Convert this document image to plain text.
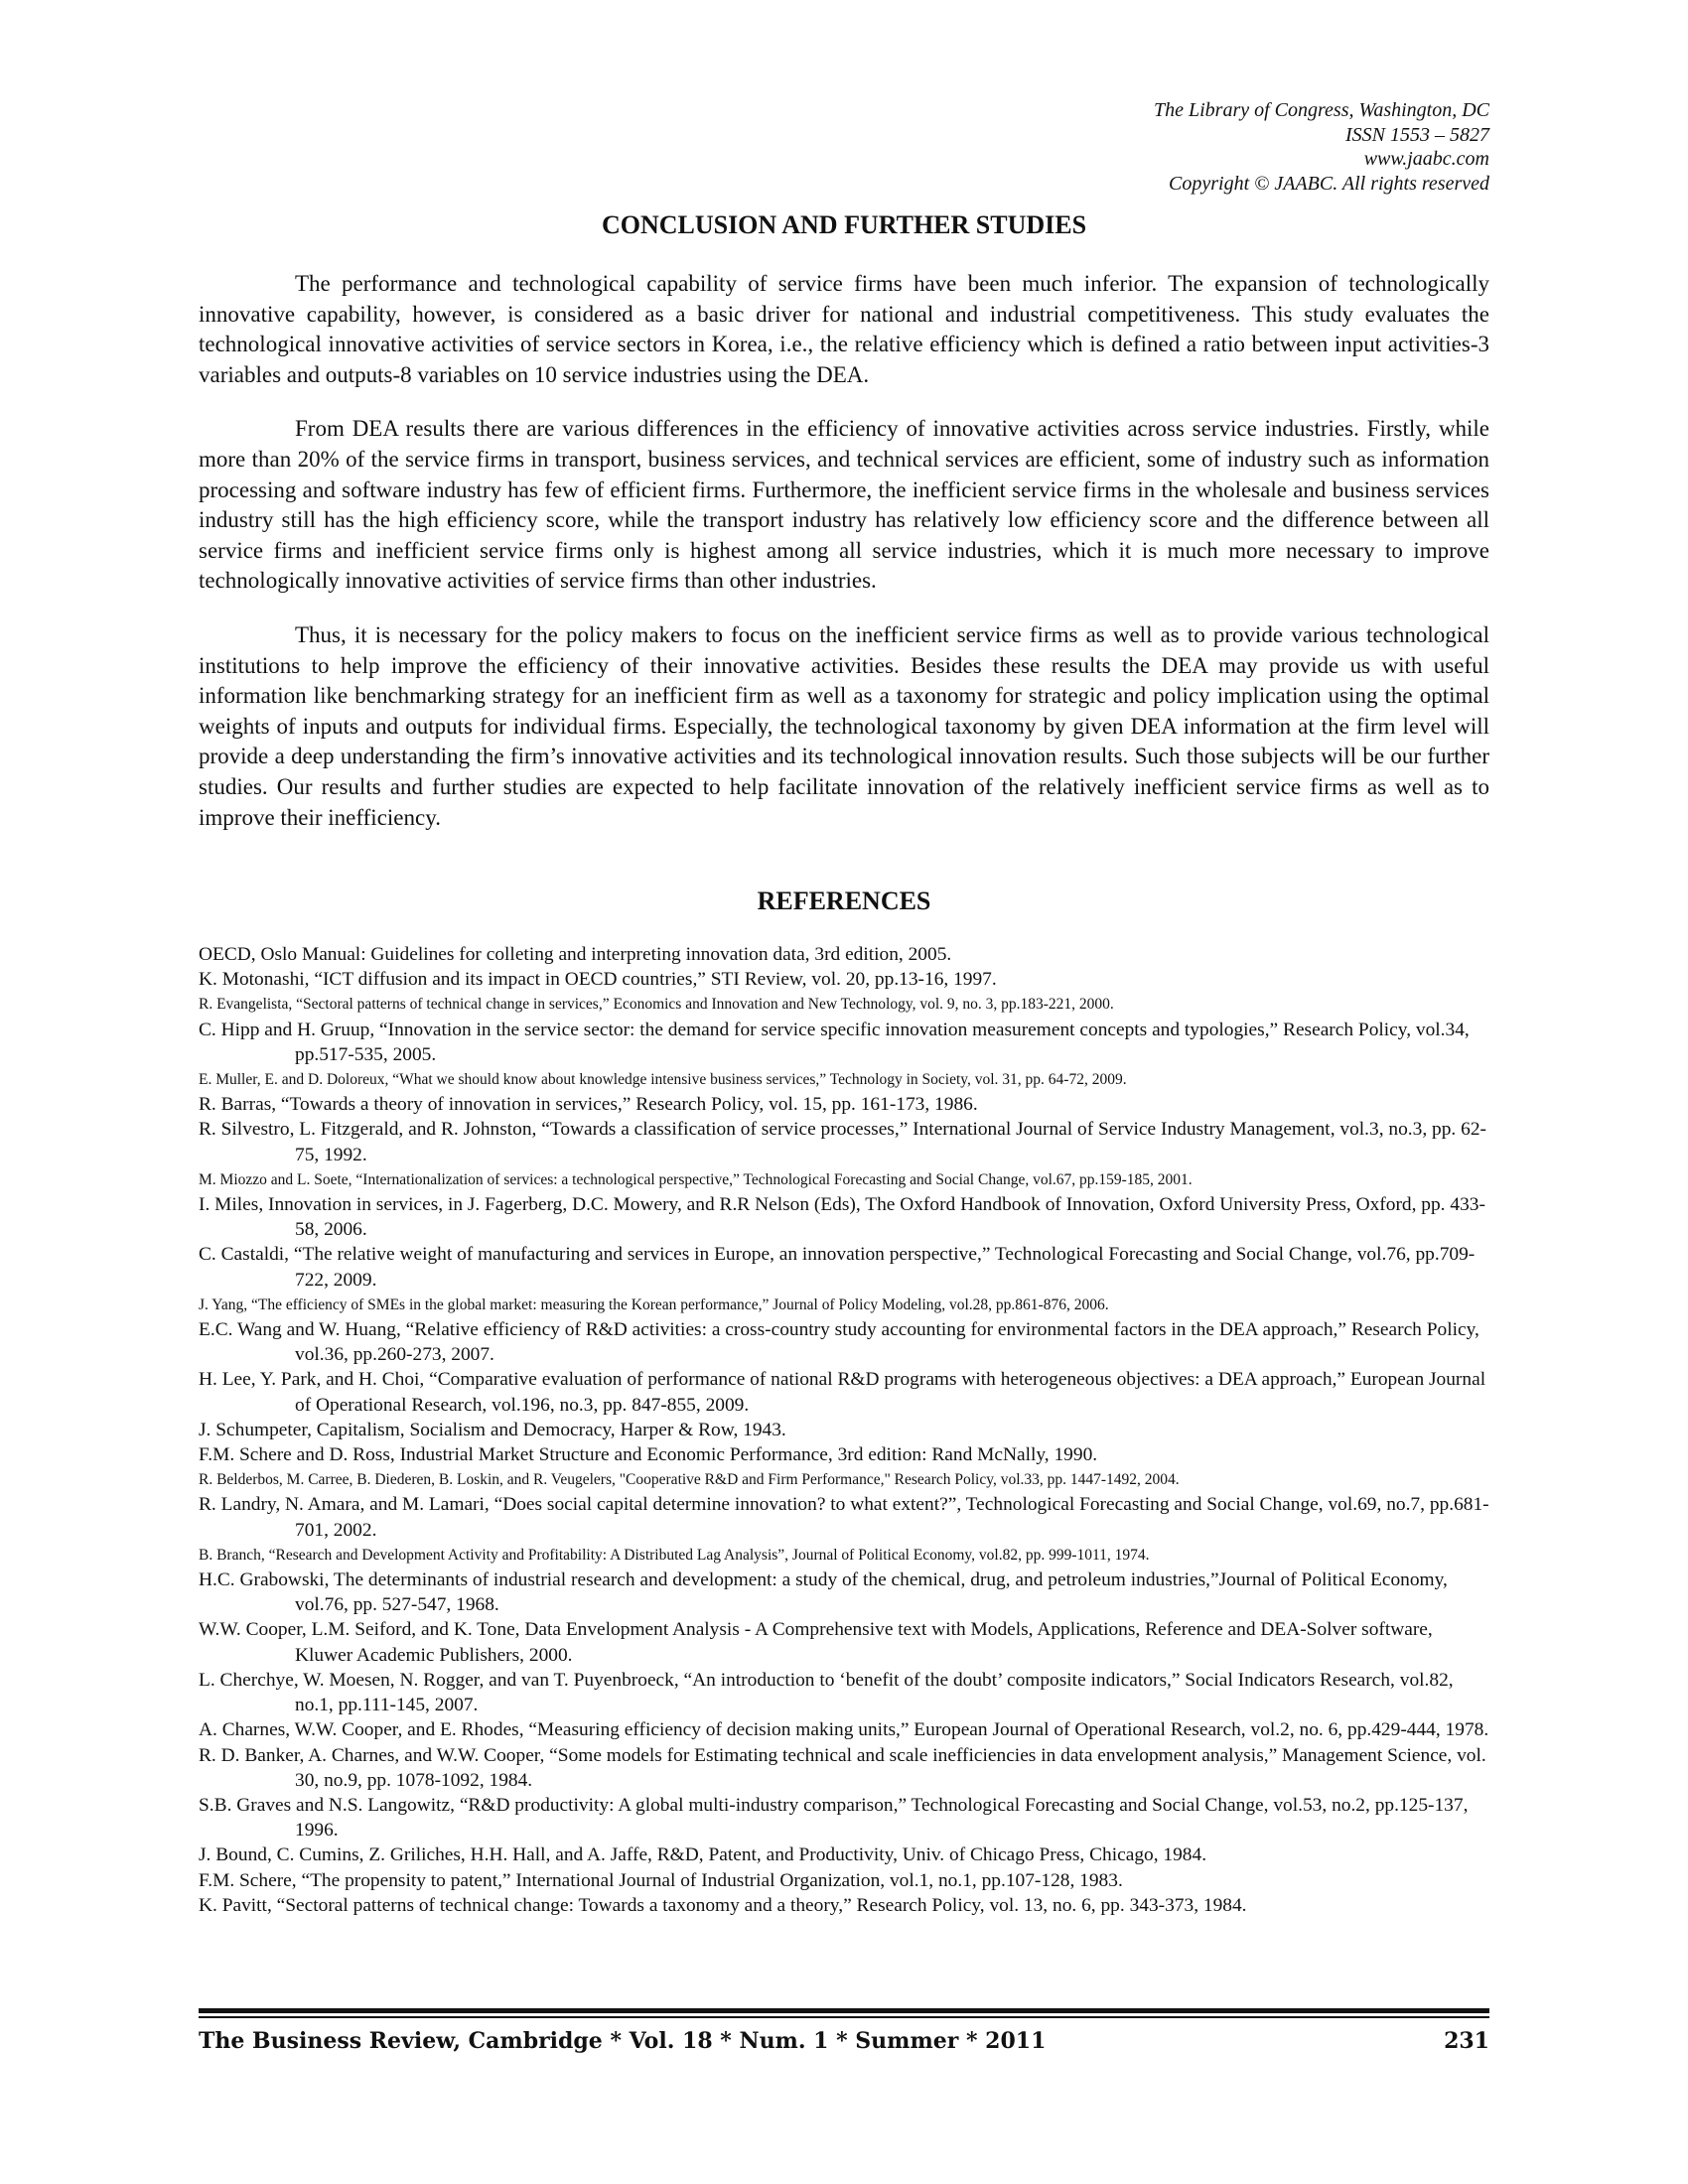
The Library of Congress, Washington, DC
ISSN 1553 – 5827
www.jaabc.com
Copyright © JAABC. All rights reserved
CONCLUSION AND FURTHER STUDIES

The performance and technological capability of service firms have been much inferior. The expansion of technologically innovative capability, however, is considered as a basic driver for national and industrial competitiveness. This study evaluates the technological innovative activities of service sectors in Korea, i.e., the relative efficiency which is defined a ratio between input activities-3 variables and outputs-8 variables on 10 service industries using the DEA.

From DEA results there are various differences in the efficiency of innovative activities across service industries. Firstly, while more than 20% of the service firms in transport, business services, and technical services are efficient, some of industry such as information processing and software industry has few of efficient firms. Furthermore, the inefficient service firms in the wholesale and business services industry still has the high efficiency score, while the transport industry has relatively low efficiency score and the difference between all service firms and inefficient service firms only is highest among all service industries, which it is much more necessary to improve technologically innovative activities of service firms than other industries.

Thus, it is necessary for the policy makers to focus on the inefficient service firms as well as to provide various technological institutions to help improve the efficiency of their innovative activities. Besides these results the DEA may provide us with useful information like benchmarking strategy for an inefficient firm as well as a taxonomy for strategic and policy implication using the optimal weights of inputs and outputs for individual firms. Especially, the technological taxonomy by given DEA information at the firm level will provide a deep understanding the firm’s innovative activities and its technological innovation results. Such those subjects will be our further studies. Our results and further studies are expected to help facilitate innovation of the relatively inefficient service firms as well as to improve their inefficiency.

REFERENCES
OECD, Oslo Manual: Guidelines for colleting and interpreting innovation data, 3rd edition, 2005.
K. Motonashi, “ICT diffusion and its impact in OECD countries,” STI Review, vol. 20, pp.13-16, 1997.
R. Evangelista, “Sectoral patterns of technical change in services,” Economics and Innovation and New Technology, vol. 9, no. 3, pp.183-221, 2000.
C. Hipp and H. Gruup, “Innovation in the service sector: the demand for service specific innovation measurement concepts and typologies,” Research Policy, vol.34, pp.517-535, 2005.
E. Muller, E. and D. Doloreux, “What we should know about knowledge intensive business services,” Technology in Society, vol. 31, pp. 64-72, 2009.
R. Barras, “Towards a theory of innovation in services,” Research Policy, vol. 15, pp. 161-173, 1986.
R. Silvestro, L. Fitzgerald, and R. Johnston, “Towards a classification of service processes,” International Journal of Service Industry Management, vol.3, no.3, pp. 62-75, 1992.
M. Miozzo and L. Soete, “Internationalization of services: a technological perspective,” Technological Forecasting and Social Change, vol.67, pp.159-185, 2001.
I. Miles, Innovation in services, in J. Fagerberg, D.C. Mowery, and R.R Nelson (Eds), The Oxford Handbook of Innovation, Oxford University Press, Oxford, pp. 433-58, 2006.
C. Castaldi, “The relative weight of manufacturing and services in Europe, an innovation perspective,” Technological Forecasting and Social Change, vol.76, pp.709-722, 2009.
J. Yang, “The efficiency of SMEs in the global market: measuring the Korean performance,” Journal of Policy Modeling, vol.28, pp.861-876, 2006.
E.C. Wang and W. Huang, “Relative efficiency of R&D activities: a cross-country study accounting for environmental factors in the DEA approach,” Research Policy, vol.36, pp.260-273, 2007.
H. Lee, Y. Park, and H. Choi, “Comparative evaluation of performance of national R&D programs with heterogeneous objectives: a DEA approach,” European Journal of Operational Research, vol.196, no.3, pp. 847-855, 2009.
J. Schumpeter, Capitalism, Socialism and Democracy, Harper & Row, 1943.
F.M. Schere and D. Ross, Industrial Market Structure and Economic Performance, 3rd edition: Rand McNally, 1990.
R. Belderbos, M. Carree, B. Diederen, B. Loskin, and R. Veugelers, "Cooperative R&D and Firm Performance," Research Policy, vol.33, pp. 1447-1492, 2004.
R. Landry, N. Amara, and M. Lamari, “Does social capital determine innovation? to what extent?”, Technological Forecasting and Social Change, vol.69, no.7, pp.681-701, 2002.
B. Branch, “Research and Development Activity and Profitability: A Distributed Lag Analysis”, Journal of Political Economy, vol.82, pp. 999-1011, 1974.
H.C. Grabowski, The determinants of industrial research and development: a study of the chemical, drug, and petroleum industries,”Journal of Political Economy, vol.76, pp. 527-547, 1968.
W.W. Cooper, L.M. Seiford, and K. Tone, Data Envelopment Analysis - A Comprehensive text with Models, Applications, Reference and DEA-Solver software, Kluwer Academic Publishers, 2000.
L. Cherchye, W. Moesen, N. Rogger, and van T. Puyenbroeck, “An introduction to ‘benefit of the doubt’ composite indicators,” Social Indicators Research, vol.82, no.1, pp.111-145, 2007.
A. Charnes, W.W. Cooper, and E. Rhodes, “Measuring efficiency of decision making units,” European Journal of Operational Research, vol.2, no. 6, pp.429-444, 1978.
R. D. Banker, A. Charnes, and W.W. Cooper, “Some models for Estimating technical and scale inefficiencies in data envelopment analysis,” Management Science, vol. 30, no.9, pp. 1078-1092, 1984.
S.B. Graves and N.S. Langowitz, “R&D productivity: A global multi-industry comparison,” Technological Forecasting and Social Change, vol.53, no.2, pp.125-137, 1996.
J. Bound, C. Cumins, Z. Griliches, H.H. Hall, and A. Jaffe, R&D, Patent, and Productivity, Univ. of Chicago Press, Chicago, 1984.
F.M. Schere, “The propensity to patent,” International Journal of Industrial Organization, vol.1, no.1, pp.107-128, 1983.
K. Pavitt, “Sectoral patterns of technical change: Towards a taxonomy and a theory,” Research Policy, vol. 13, no. 6, pp. 343-373, 1984.
The Business Review, Cambridge * Vol. 18 * Num. 1 * Summer * 2011	231
